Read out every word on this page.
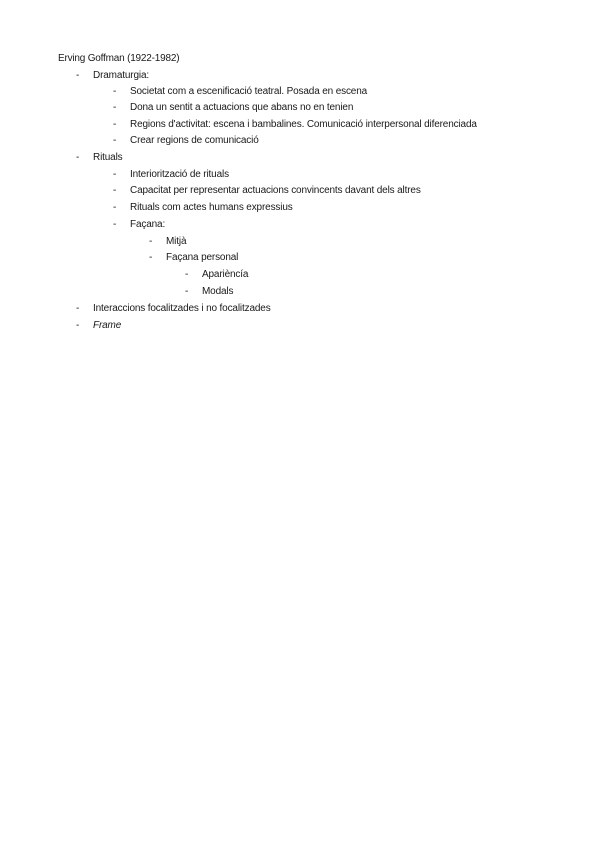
Erving Goffman (1922-1982)
-	Dramaturgia:
-	Societat com a escenificació teatral. Posada en escena
-	Dona un sentit a actuacions que abans no en tenien
-	Regions d'activitat: escena i bambalines. Comunicació interpersonal diferenciada
-	Crear regions de comunicació
-	Rituals
-	Interiorització de rituals
-	Capacitat per representar actuacions convincents davant dels altres
-	Rituals com actes humans expressius
-	Façana:
-	Mitjà
-	Façana personal
-	Aparièncía
-	Modals
-	Interaccions focalitzades i no focalitzades
-	Frame
